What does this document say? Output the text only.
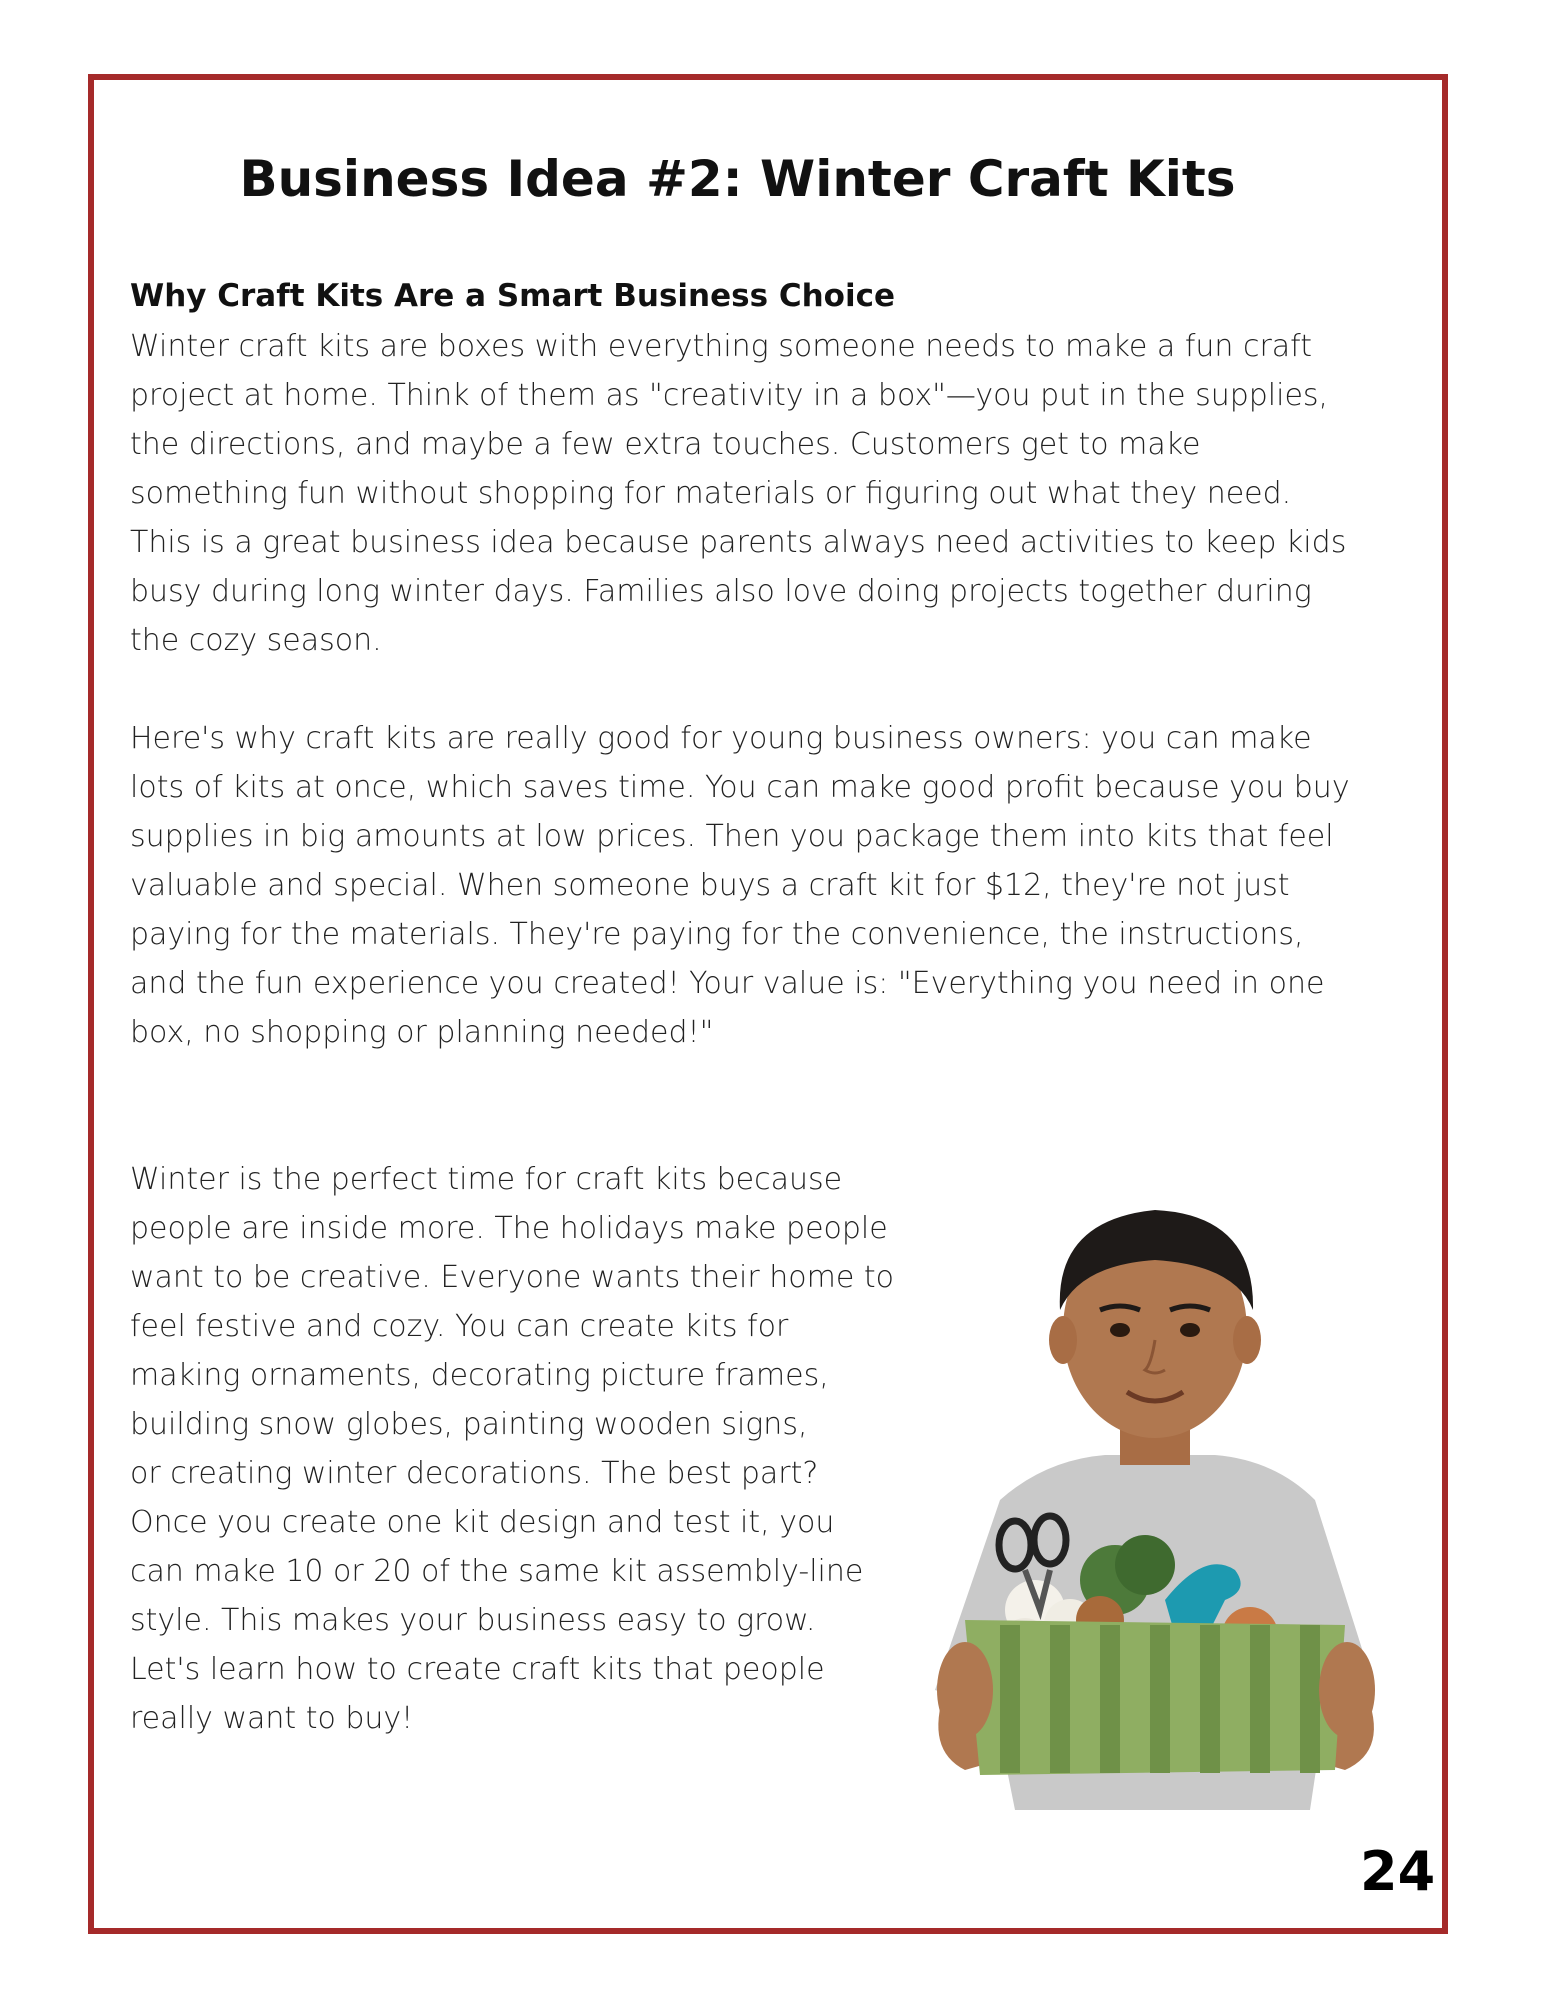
Business Idea #2: Winter Craft Kits
Why Craft Kits Are a Smart Business Choice

Winter craft kits are boxes with everything someone needs to make a fun craft project at home. Think of them as "creativity in a box"—you put in the supplies, the directions, and maybe a few extra touches. Customers get to make something fun without shopping for materials or figuring out what they need. This is a great business idea because parents always need activities to keep kids busy during long winter days. Families also love doing projects together during the cozy season.

Here's why craft kits are really good for young business owners: you can make lots of kits at once, which saves time. You can make good profit because you buy supplies in big amounts at low prices. Then you package them into kits that feel valuable and special. When someone buys a craft kit for $12, they're not just paying for the materials. They're paying for the convenience, the instructions, and the fun experience you created! Your value is: "Everything you need in one box, no shopping or planning needed!"

Winter is the perfect time for craft kits because
people are inside more. The holidays make people
want to be creative. Everyone wants their home to
feel festive and cozy. You can create kits for
making ornaments, decorating picture frames,
building snow globes, painting wooden signs,
or creating winter decorations. The best part?
Once you create one kit design and test it, you
can make 10 or 20 of the same kit assembly-line
style. This makes your business easy to grow.
Let's learn how to create craft kits that people
really want to buy!

24
